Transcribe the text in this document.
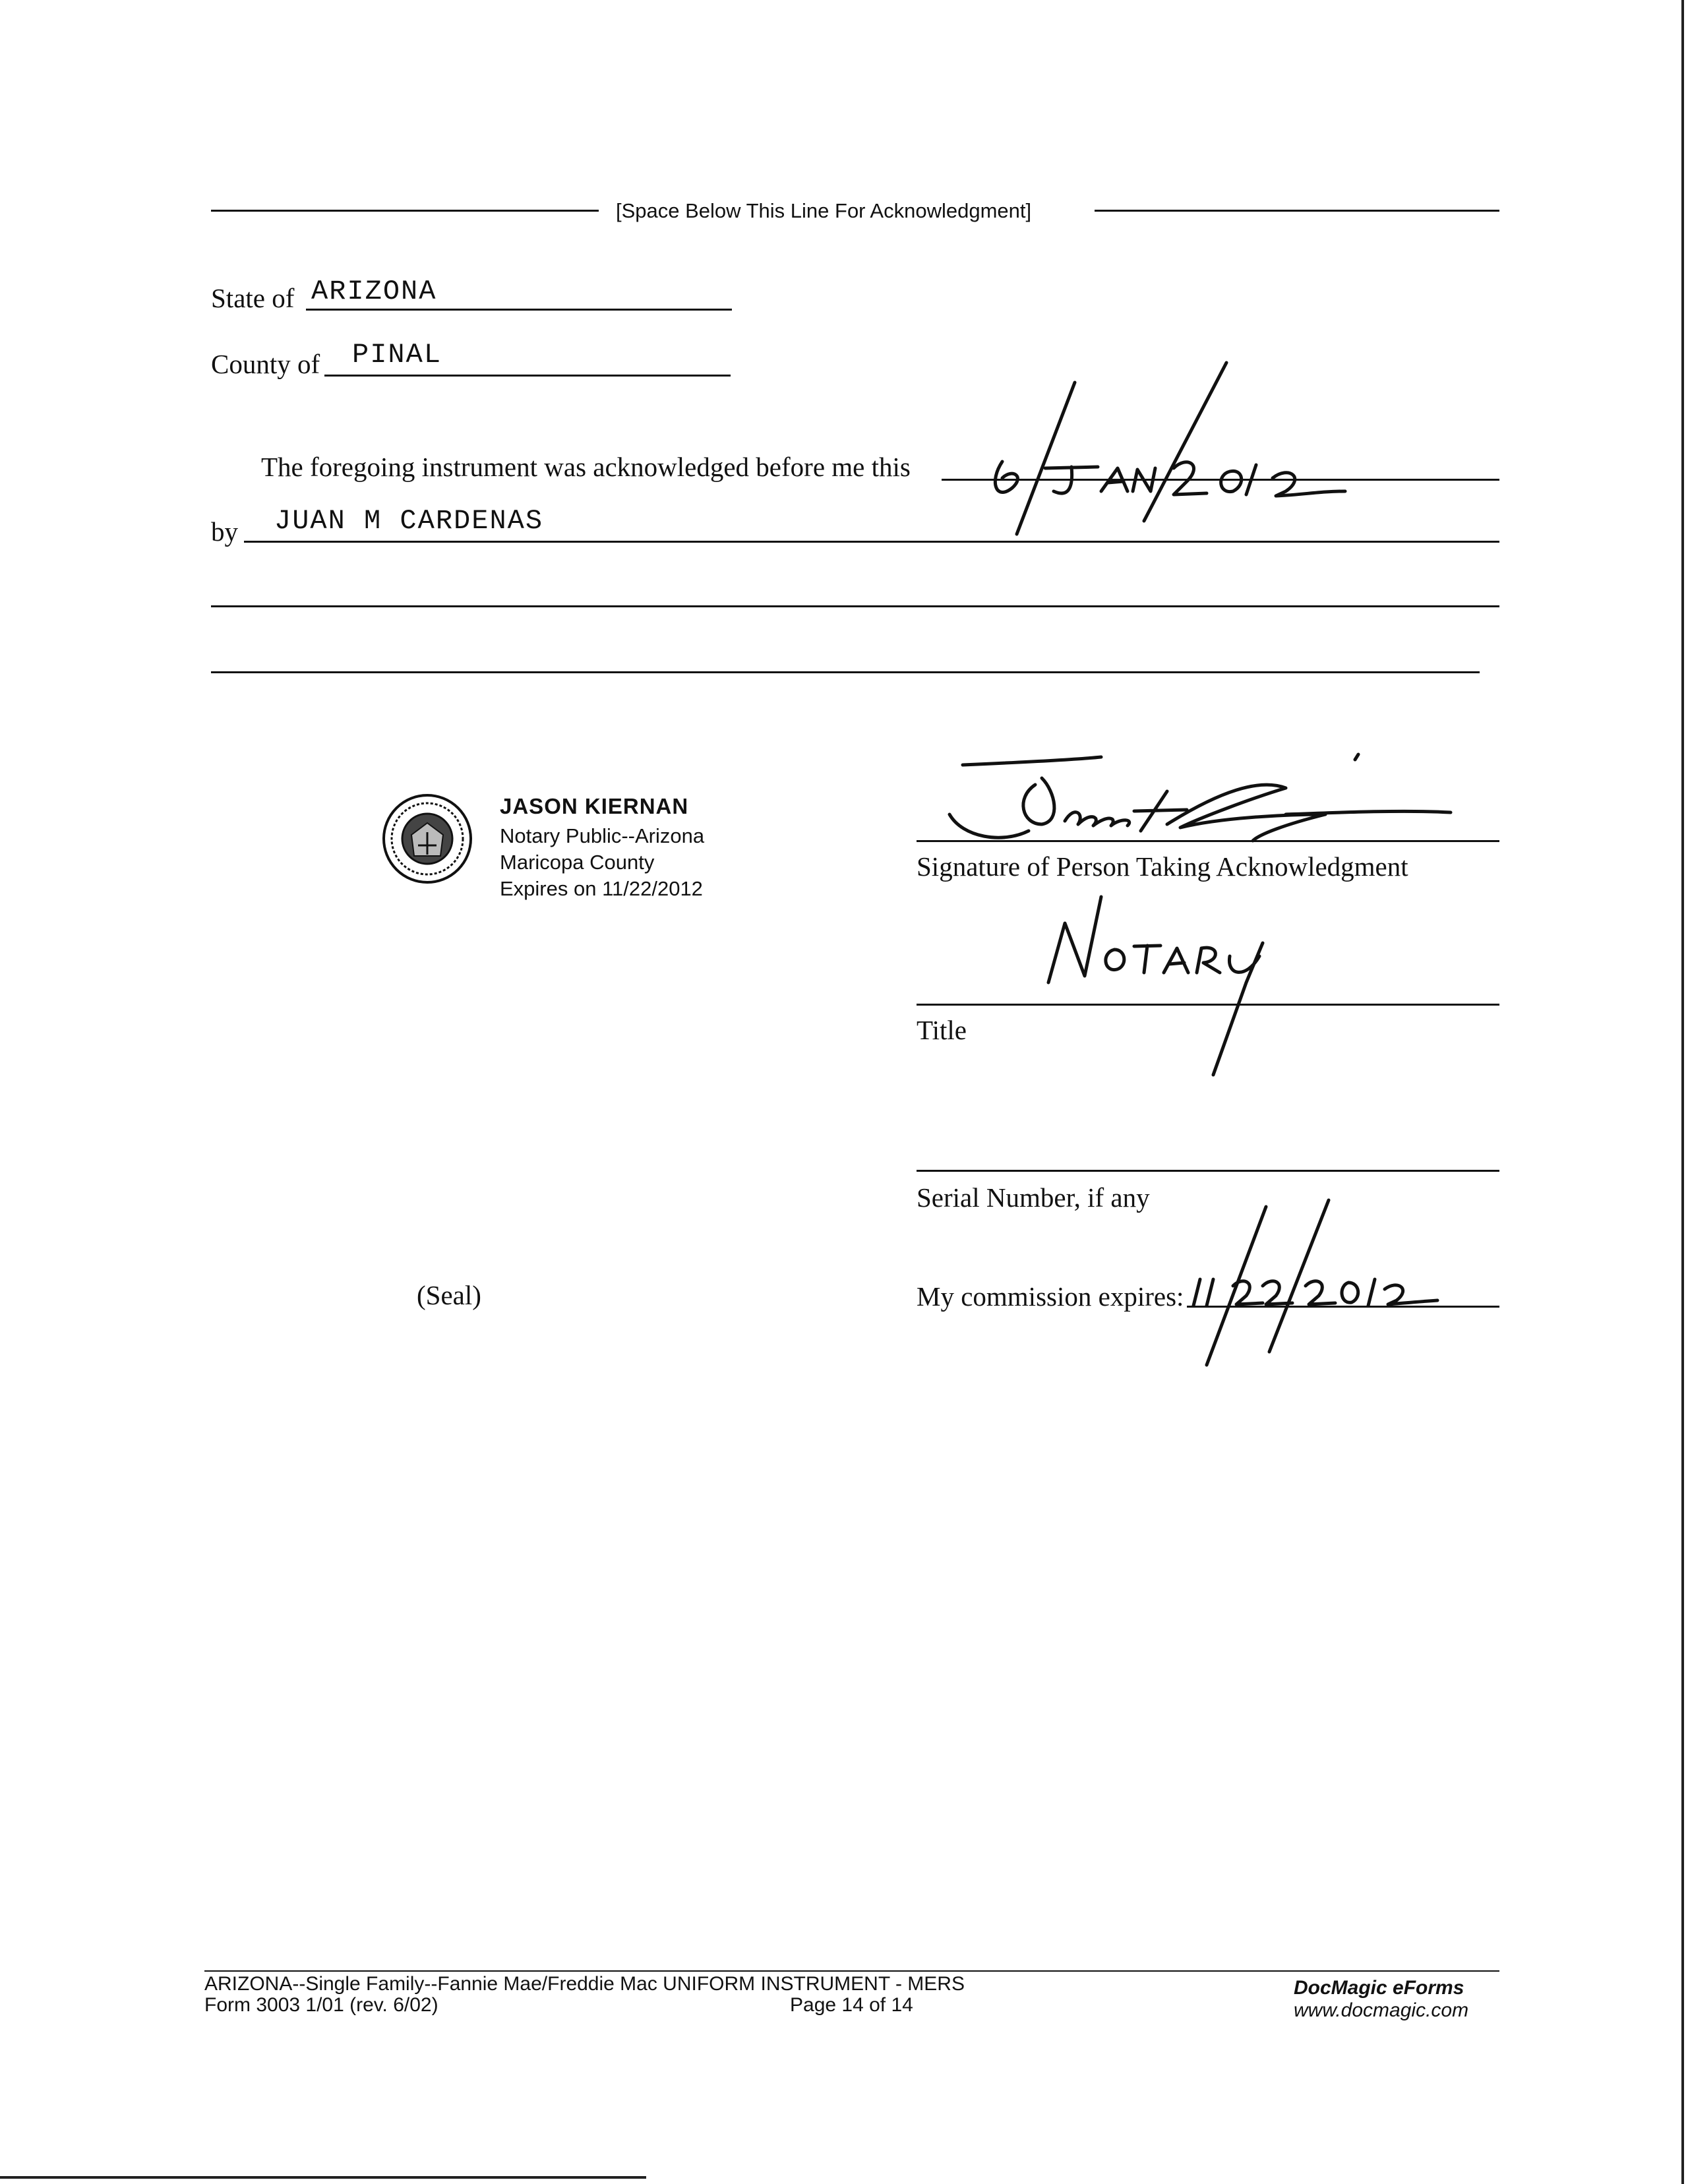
[Space Below This Line For Acknowledgment]
State of ARIZONA
County of PINAL
The foregoing instrument was acknowledged before me this
by JUAN M CARDENAS
JASON KIERNAN
Notary Public--Arizona
Maricopa County
Expires on 11/22/2012
Signature of Person Taking Acknowledgment
Title
Serial Number, if any
(Seal)	My commission expires:
ARIZONA--Single Family--Fannie Mae/Freddie Mac UNIFORM INSTRUMENT - MERS
Form 3003 1/01 (rev. 6/02)	Page 14 of 14
DocMagic eForms
www.docmagic.com
